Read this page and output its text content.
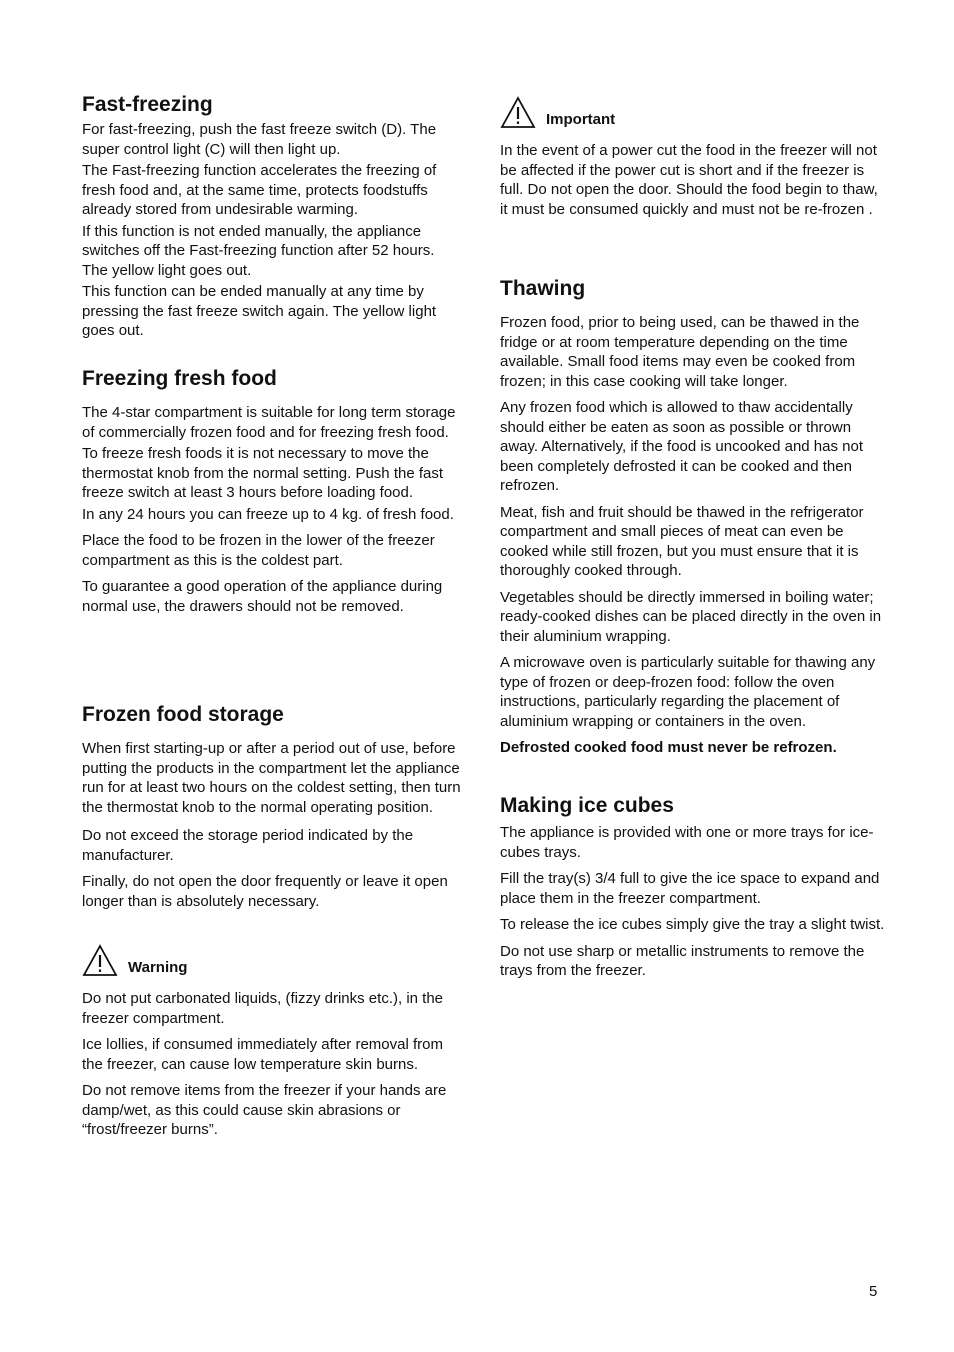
Fast-freezing

For fast-freezing, push the fast freeze switch (D). The super control light (C) will then light up.

The Fast-freezing function accelerates the freezing of fresh food and, at the same time, protects foodstuffs already stored from undesirable warming.

If this function is not ended manually, the appliance switches off the Fast-freezing function after 52 hours. The yellow light goes out.

This function can be ended manually at any time by pressing the fast freeze switch again. The yellow light goes out.

Freezing fresh food

The 4-star compartment is suitable for long term storage of commercially frozen food and for freezing fresh food.

To freeze fresh foods it is not necessary to move the thermostat knob from the normal setting. Push the fast freeze switch at least 3 hours before loading food.

In any 24 hours you can freeze up to 4 kg. of fresh food.

Place the food to be frozen in the lower of the freezer compartment as this is the coldest part.

To guarantee a good operation of the appliance during normal use, the drawers should not be removed.

Frozen food storage

When first starting-up or after a period out of use, before putting the products in the compartment let the appliance run for at least two hours on the coldest setting, then turn the thermostat knob to the normal operating position.

Do not exceed the storage period indicated by the manufacturer.

Finally, do not open the door frequently or leave it open longer than is absolutely necessary.

Warning

Do not put carbonated liquids, (fizzy drinks etc.), in the freezer compartment.

Ice lollies, if consumed immediately after removal from the freezer, can cause low temperature skin burns.

Do not remove items from the freezer if your hands are damp/wet, as this could cause skin abrasions or “frost/freezer burns”.

Important

In the event of a power cut the food in the freezer will not be affected if the power cut is short and if the freezer is full. Do not open the door. Should the food begin to thaw, it must be consumed quickly and must not be re-frozen .

Thawing

Frozen food, prior to being used, can be thawed in the fridge or at room temperature depending on the time available. Small food items may even be cooked from frozen; in this case cooking will take longer.

Any frozen food which is allowed to thaw accidentally should either be eaten as soon as possible or thrown away. Alternatively, if the food is uncooked and has not been completely defrosted it can be cooked and then refrozen.

Meat, fish and fruit should be thawed in the refrigerator compartment and small pieces of meat can even be cooked while still frozen, but you must ensure that it is thoroughly cooked through.

Vegetables should be directly immersed in boiling water; ready-cooked dishes can be placed directly in the oven in their aluminium wrapping.

A microwave oven is particularly suitable for thawing any type of frozen or deep-frozen food: follow the oven instructions, particularly regarding the placement of aluminium wrapping or containers in the oven.

Defrosted cooked food must never be refrozen.

Making ice cubes

The appliance is provided with one or more trays for ice-cubes trays.

Fill the tray(s) 3/4 full to give the ice space to expand and place them in the freezer compartment.

To release the ice cubes simply give the tray a slight twist.

Do not use sharp or metallic instruments to remove the trays from the freezer.

5
